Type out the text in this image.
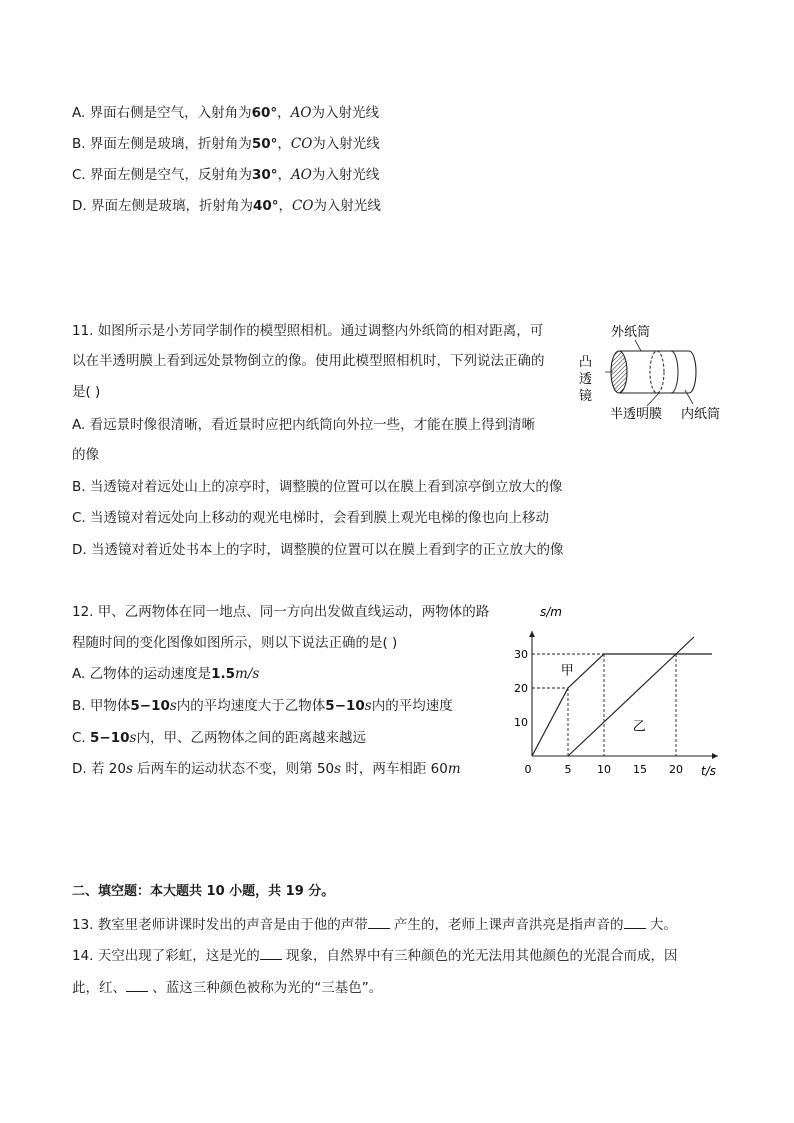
A. 界面右侧是空气，入射角为60°，AO为入射光线
B. 界面左侧是玻璃，折射角为50°，CO为入射光线
C. 界面左侧是空气，反射角为30°，AO为入射光线
D. 界面左侧是玻璃，折射角为40°，CO为入射光线
11. 如图所示是小芳同学制作的模型照相机。通过调整内外纸筒的相对距离，可
以在半透明膜上看到远处景物倒立的像。使用此模型照相机时，下列说法正确的
是( )
A. 看远景时像很清晰，看近景时应把内纸筒向外拉一些，才能在膜上得到清晰
的像
B. 当透镜对着远处山上的凉亭时，调整膜的位置可以在膜上看到凉亭倒立放大的像
C. 当透镜对着远处向上移动的观光电梯时，会看到膜上观光电梯的像也向上移动
D. 当透镜对着近处书本上的字时，调整膜的位置可以在膜上看到字的正立放大的像
外纸筒
凸
透
镜
半透明膜 内纸筒
12. 甲、乙两物体在同一地点、同一方向出发做直线运动，两物体的路
程随时间的变化图像如图所示，则以下说法正确的是( )
A. 乙物体的运动速度是1.5m/s
B. 甲物体5−10s内的平均速度大于乙物体5−10s内的平均速度
C. 5−10s内，甲、乙两物体之间的距离越来越远
D. 若 20s 后两车的运动状态不变，则第 50s 时，两车相距 60m	0	5 10 15 20
10
20
30
甲
乙
s/m
t/s
二、填空题：本大题共 10 小题，共 19 分。
13. 教室里老师讲课时发出的声音是由于他的声带 产生的，老师上课声音洪亮是指声音的 大。
14. 天空出现了彩虹，这是光的 现象，自然界中有三种颜色的光无法用其他颜色的光混合而成，因
此，红、 、蓝这三种颜色被称为光的“三基色”。
